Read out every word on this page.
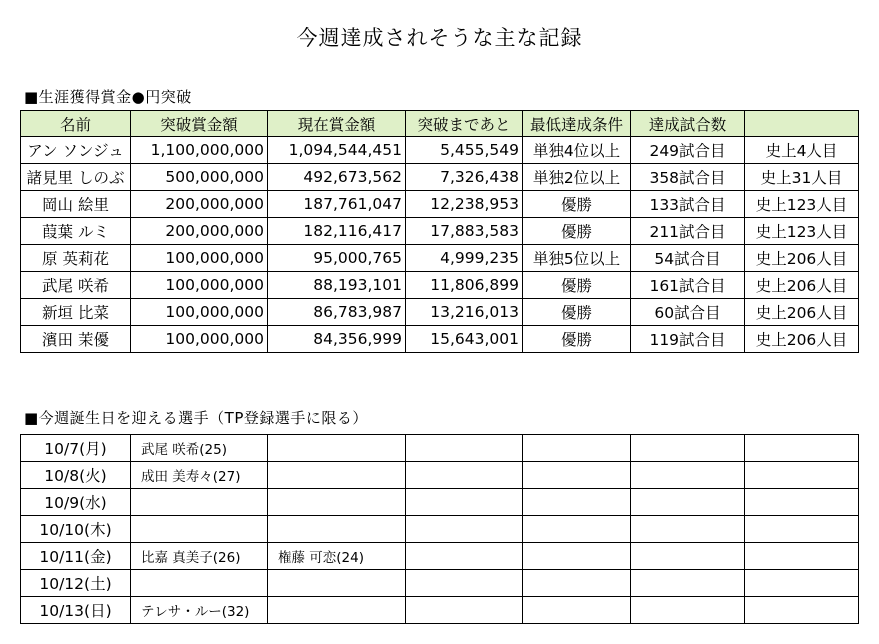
今週達成されそうな主な記録
■生涯獲得賞金●円突破
名前	突破賞金額	現在賞金額	突破まであと	最低達成条件	達成試合数	
アン ソンジュ	1,100,000,000	1,094,544,451	5,455,549	単独4位以上	249試合目	史上4人目
諸見里 しのぶ	500,000,000	492,673,562	7,326,438	単独2位以上	358試合目	史上31人目
岡山 絵里	200,000,000	187,761,047	12,238,953	優勝	133試合目	史上123人目
葭葉 ルミ	200,000,000	182,116,417	17,883,583	優勝	211試合目	史上123人目
原 英莉花	100,000,000	95,000,765	4,999,235	単独5位以上	54試合目	史上206人目
武尾 咲希	100,000,000	88,193,101	11,806,899	優勝	161試合目	史上206人目
新垣 比菜	100,000,000	86,783,987	13,216,013	優勝	60試合目	史上206人目
濱田 茉優	100,000,000	84,356,999	15,643,001	優勝	119試合目	史上206人目
■今週誕生日を迎える選手（TP登録選手に限る）
10/7(月)	武尾 咲希(25)					
10/8(火)	成田 美寿々(27)					
10/9(水)						
10/10(木)						
10/11(金)	比嘉 真美子(26)	権藤 可恋(24)				
10/12(土)						
10/13(日)	テレサ・ルー(32)					
